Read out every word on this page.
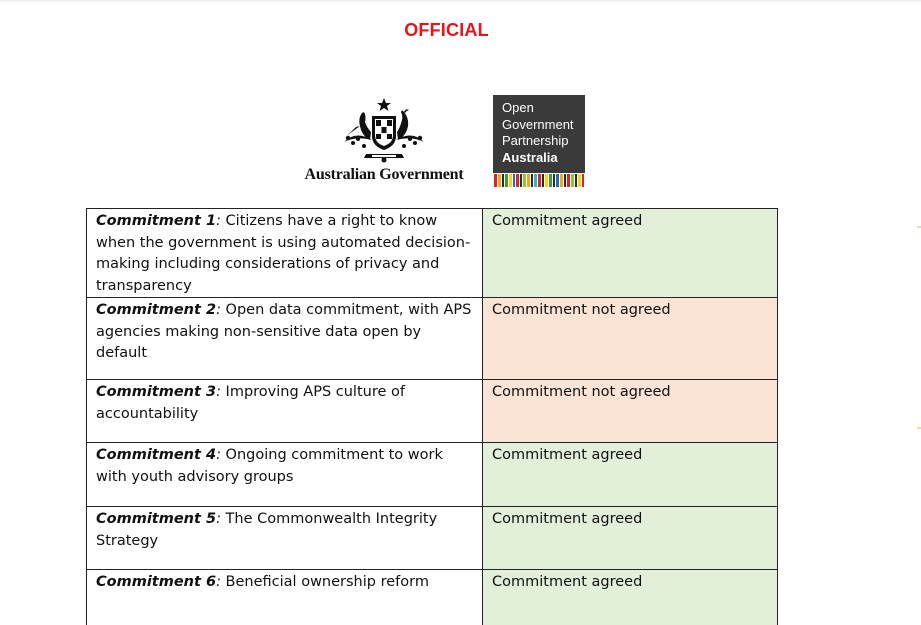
OFFICIAL
Australian Government
Open
Government
Partnership
Australia
Commitment 1: Citizens have a right to know when the government is using automated decision-making including considerations of privacy and transparency	Commitment agreed
Commitment 2: Open data commitment, with APS agencies making non-sensitive data open by default	Commitment not agreed
Commitment 3: Improving APS culture of accountability	Commitment not agreed
Commitment 4: Ongoing commitment to work with youth advisory groups	Commitment agreed
Commitment 5: The Commonwealth Integrity Strategy	Commitment agreed
Commitment 6: Beneficial ownership reform	Commitment agreed
